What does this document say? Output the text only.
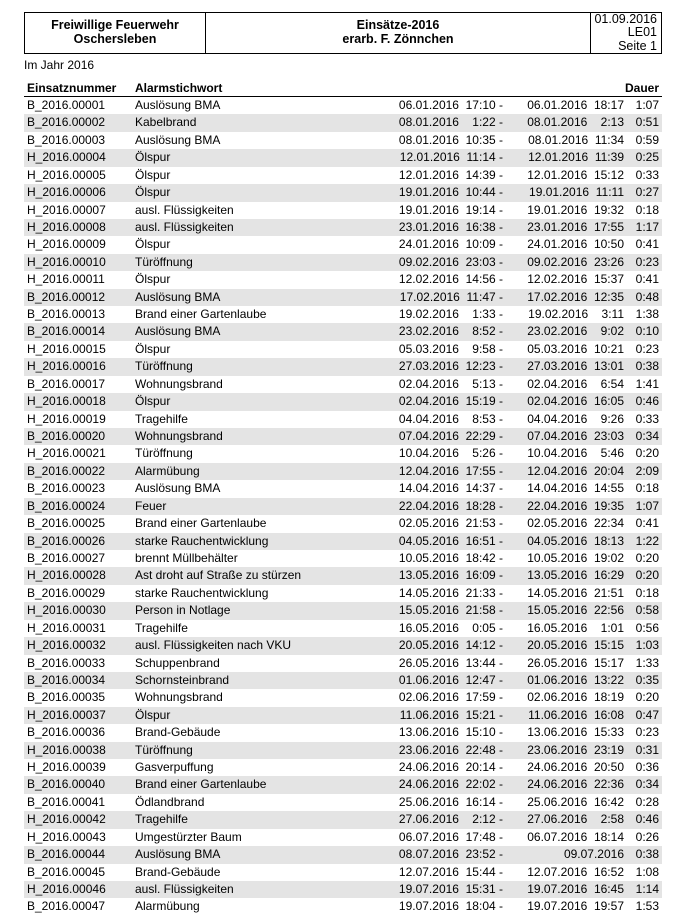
Freiwillige Feuerwehr
Oschersleben
Einsätze-2016
erarb. F. Zönnchen
01.09.2016
LE01
Seite 1
Im Jahr 2016
Einsatznummer	Alarmstichwort	Dauer
B_2016.00001	Auslösung BMA	06.01.2016  17:10 -	06.01.2016  18:17 1:07
B_2016.00002	Kabelbrand	08.01.2016    1:22 -	08.01.2016    2:13 0:51
B_2016.00003	Auslösung BMA	08.01.2016  10:35 -	08.01.2016  11:34 0:59
H_2016.00004	Ölspur	12.01.2016  11:14 -	12.01.2016  11:39 0:25
H_2016.00005	Ölspur	12.01.2016  14:39 -	12.01.2016  15:12 0:33
H_2016.00006	Ölspur	19.01.2016  10:44 -	19.01.2016  11:11 0:27
H_2016.00007	ausl. Flüssigkeiten	19.01.2016  19:14 -	19.01.2016  19:32 0:18
H_2016.00008	ausl. Flüssigkeiten	23.01.2016  16:38 -	23.01.2016  17:55 1:17
H_2016.00009	Ölspur	24.01.2016  10:09 -	24.01.2016  10:50 0:41
H_2016.00010	Türöffnung	09.02.2016  23:03 -	09.02.2016  23:26 0:23
H_2016.00011	Ölspur	12.02.2016  14:56 -	12.02.2016  15:37 0:41
B_2016.00012	Auslösung BMA	17.02.2016  11:47 -	17.02.2016  12:35 0:48
B_2016.00013	Brand einer Gartenlaube	19.02.2016    1:33 -	19.02.2016    3:11 1:38
B_2016.00014	Auslösung BMA	23.02.2016    8:52 -	23.02.2016    9:02 0:10
H_2016.00015	Ölspur	05.03.2016    9:58 -	05.03.2016  10:21 0:23
H_2016.00016	Türöffnung	27.03.2016  12:23 -	27.03.2016  13:01 0:38
B_2016.00017	Wohnungsbrand	02.04.2016    5:13 -	02.04.2016    6:54 1:41
H_2016.00018	Ölspur	02.04.2016  15:19 -	02.04.2016  16:05 0:46
H_2016.00019	Tragehilfe	04.04.2016    8:53 -	04.04.2016    9:26 0:33
B_2016.00020	Wohnungsbrand	07.04.2016  22:29 -	07.04.2016  23:03 0:34
H_2016.00021	Türöffnung	10.04.2016    5:26 -	10.04.2016    5:46 0:20
B_2016.00022	Alarmübung	12.04.2016  17:55 -	12.04.2016  20:04 2:09
B_2016.00023	Auslösung BMA	14.04.2016  14:37 -	14.04.2016  14:55 0:18
B_2016.00024	Feuer	22.04.2016  18:28 -	22.04.2016  19:35 1:07
B_2016.00025	Brand einer Gartenlaube	02.05.2016  21:53 -	02.05.2016  22:34 0:41
B_2016.00026	starke Rauchentwicklung	04.05.2016  16:51 -	04.05.2016  18:13 1:22
B_2016.00027	brennt Müllbehälter	10.05.2016  18:42 -	10.05.2016  19:02 0:20
H_2016.00028	Ast droht auf Straße zu stürzen	13.05.2016  16:09 -	13.05.2016  16:29 0:20
B_2016.00029	starke Rauchentwicklung	14.05.2016  21:33 -	14.05.2016  21:51 0:18
H_2016.00030	Person in Notlage	15.05.2016  21:58 -	15.05.2016  22:56 0:58
H_2016.00031	Tragehilfe	16.05.2016    0:05 -	16.05.2016    1:01 0:56
H_2016.00032	ausl. Flüssigkeiten nach VKU	20.05.2016  14:12 -	20.05.2016  15:15 1:03
B_2016.00033	Schuppenbrand	26.05.2016  13:44 -	26.05.2016  15:17 1:33
B_2016.00034	Schornsteinbrand	01.06.2016  12:47 -	01.06.2016  13:22 0:35
B_2016.00035	Wohnungsbrand	02.06.2016  17:59 -	02.06.2016  18:19 0:20
H_2016.00037	Ölspur	11.06.2016  15:21 -	11.06.2016  16:08 0:47
B_2016.00036	Brand-Gebäude	13.06.2016  15:10 -	13.06.2016  15:33 0:23
H_2016.00038	Türöffnung	23.06.2016  22:48 -	23.06.2016  23:19 0:31
H_2016.00039	Gasverpuffung	24.06.2016  20:14 -	24.06.2016  20:50 0:36
B_2016.00040	Brand einer Gartenlaube	24.06.2016  22:02 -	24.06.2016  22:36 0:34
B_2016.00041	Ödlandbrand	25.06.2016  16:14 -	25.06.2016  16:42 0:28
H_2016.00042	Tragehilfe	27.06.2016    2:12 -	27.06.2016    2:58 0:46
H_2016.00043	Umgestürzter Baum	06.07.2016  17:48 -	06.07.2016  18:14 0:26
B_2016.00044	Auslösung BMA	08.07.2016  23:52 -	09.07.2016 0:38
B_2016.00045	Brand-Gebäude	12.07.2016  15:44 -	12.07.2016  16:52 1:08
H_2016.00046	ausl. Flüssigkeiten	19.07.2016  15:31 -	19.07.2016  16:45 1:14
B_2016.00047	Alarmübung	19.07.2016  18:04 -	19.07.2016  19:57 1:53
